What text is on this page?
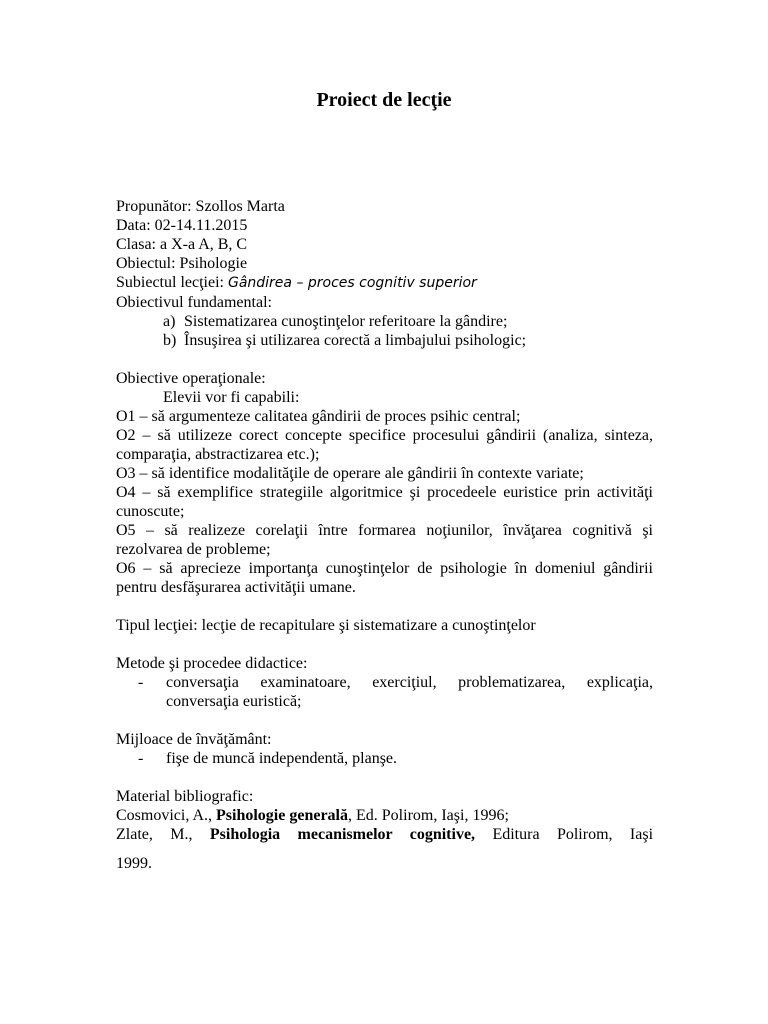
Proiect de lecţie
Propunător: Szollos Marta
Data: 02-14.11.2015
Clasa: a X-a A, B, C
Obiectul: Psihologie
Subiectul lecţiei: Gândirea – proces cognitiv superior
Obiectivul fundamental:
a) Sistematizarea cunoştinţelor referitoare la gândire;
b) Însuşirea şi utilizarea corectă a limbajului psihologic;
Obiective operaţionale:
Elevii vor fi capabili:
O1 – să argumenteze calitatea gândirii de proces psihic central;
O2 – să utilizeze corect concepte specifice procesului gândirii (analiza, sinteza, comparaţia, abstractizarea etc.);
O3 – să identifice modalităţile de operare ale gândirii în contexte variate;
O4 – să exemplifice strategiile algoritmice şi procedeele euristice prin activităţi cunoscute;
O5 – să realizeze corelaţii între formarea noţiunilor, învăţarea cognitivă şi rezolvarea de probleme;
O6 – să aprecieze importanţa cunoştinţelor de psihologie în domeniul gândirii pentru desfăşurarea activităţii umane.
Tipul lecţiei: lecţie de recapitulare şi sistematizare a cunoştinţelor
Metode şi procedee didactice:
-	conversaţia examinatoare, exerciţiul, problematizarea, explicaţia, conversaţia euristică;
Mijloace de învăţământ:
-	fişe de muncă independentă, planşe.
Material bibliografic:
Cosmovici, A., Psihologie generală, Ed. Polirom, Iaşi, 1996;
Zlate, M., Psihologia mecanismelor cognitive, Editura Polirom, Iaşi
1999.
